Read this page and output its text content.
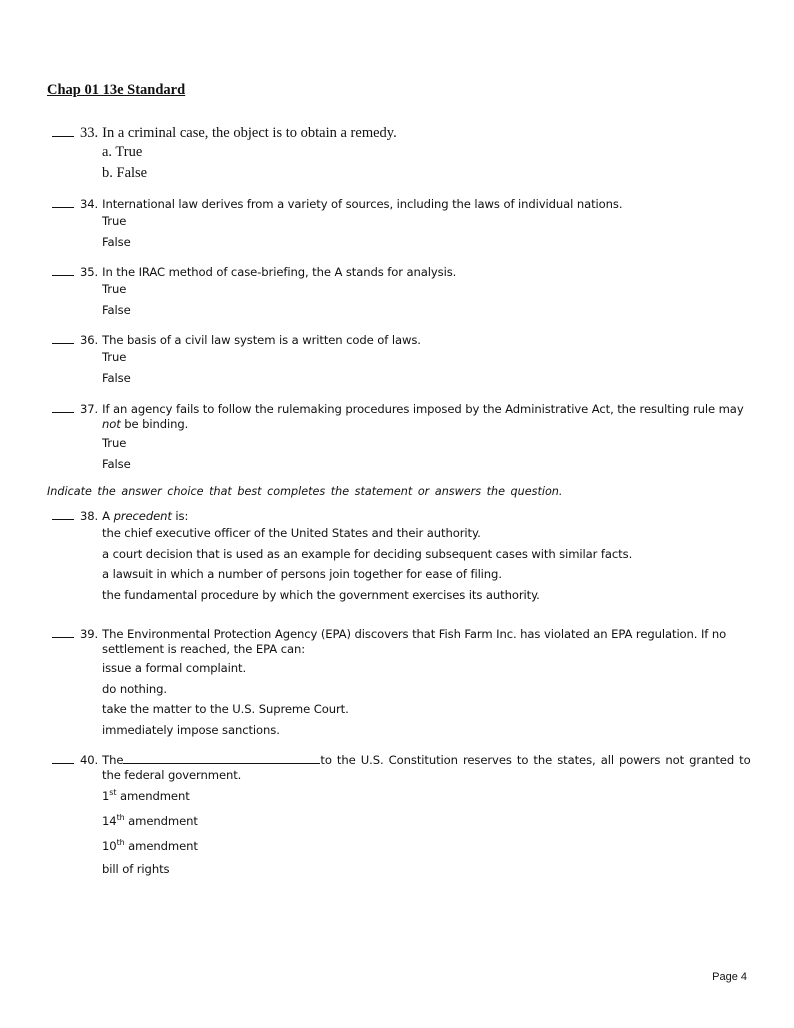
Chap 01 13e Standard
33. In a criminal case, the object is to obtain a remedy.
a. True
b. False
34. International law derives from a variety of sources, including the laws of individual nations.
True
False
35. In the IRAC method of case-briefing, the A stands for analysis.
True
False
36. The basis of a civil law system is a written code of laws.
True
False
37. If an agency fails to follow the rulemaking procedures imposed by the Administrative Act, the resulting rule may
not be binding.
True
False
Indicate the answer choice that best completes the statement or answers the question.
38. A precedent is:
the chief executive officer of the United States and their authority.
a court decision that is used as an example for deciding subsequent cases with similar facts.
a lawsuit in which a number of persons join together for ease of filing.
the fundamental procedure by which the government exercises its authority.
39. The Environmental Protection Agency (EPA) discovers that Fish Farm Inc. has violated an EPA regulation. If no
settlement is reached, the EPA can:
issue a formal complaint.
do nothing.
take the matter to the U.S. Supreme Court.
immediately impose sanctions.
40. The	to the U.S. Constitution reserves to the states, all powers not granted to
the federal government.
1st amendment
14th amendment
10th amendment
bill of rights
Page 4
